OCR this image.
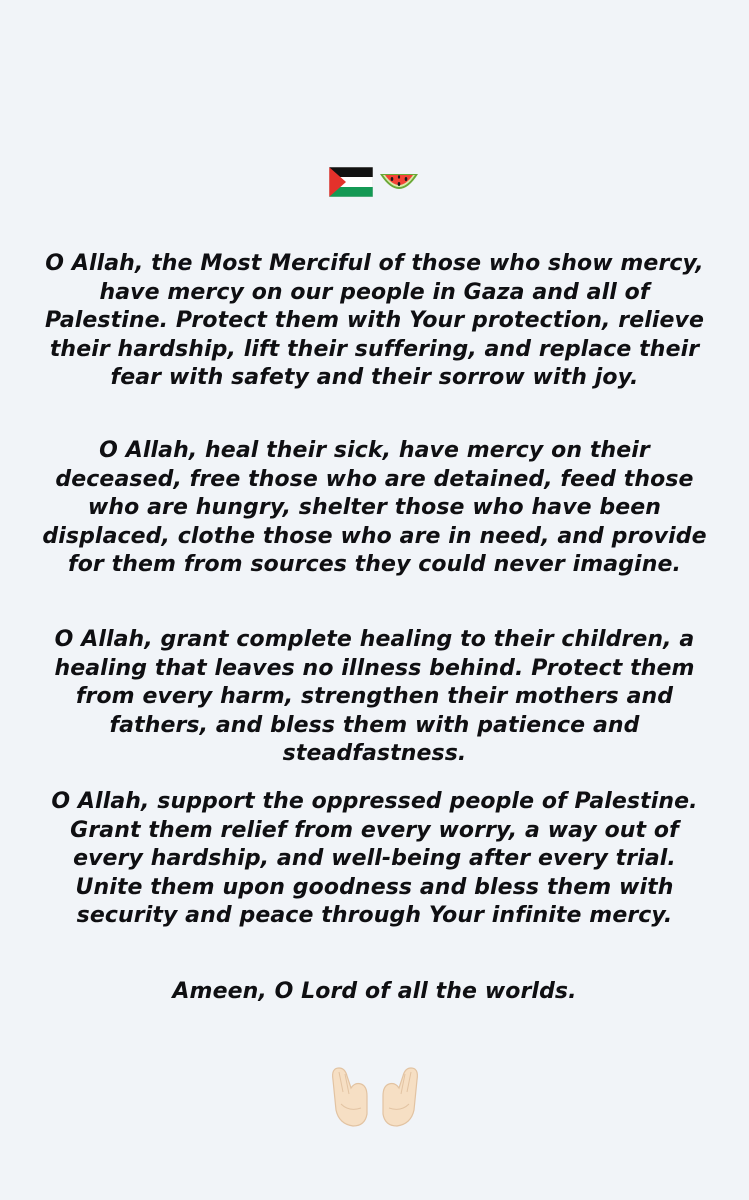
O Allah, the Most Merciful of those who show mercy, have mercy on our people in Gaza and all of Palestine. Protect them with Your protection, relieve their hardship, lift their suffering, and replace their fear with safety and their sorrow with joy.
O Allah, heal their sick, have mercy on their deceased, free those who are detained, feed those who are hungry, shelter those who have been displaced, clothe those who are in need, and provide for them from sources they could never imagine.
O Allah, grant complete healing to their children, a healing that leaves no illness behind. Protect them from every harm, strengthen their mothers and fathers, and bless them with patience and steadfastness.
O Allah, support the oppressed people of Palestine. Grant them relief from every worry, a way out of every hardship, and well-being after every trial. Unite them upon goodness and bless them with security and peace through Your infinite mercy.
Ameen, O Lord of all the worlds.
